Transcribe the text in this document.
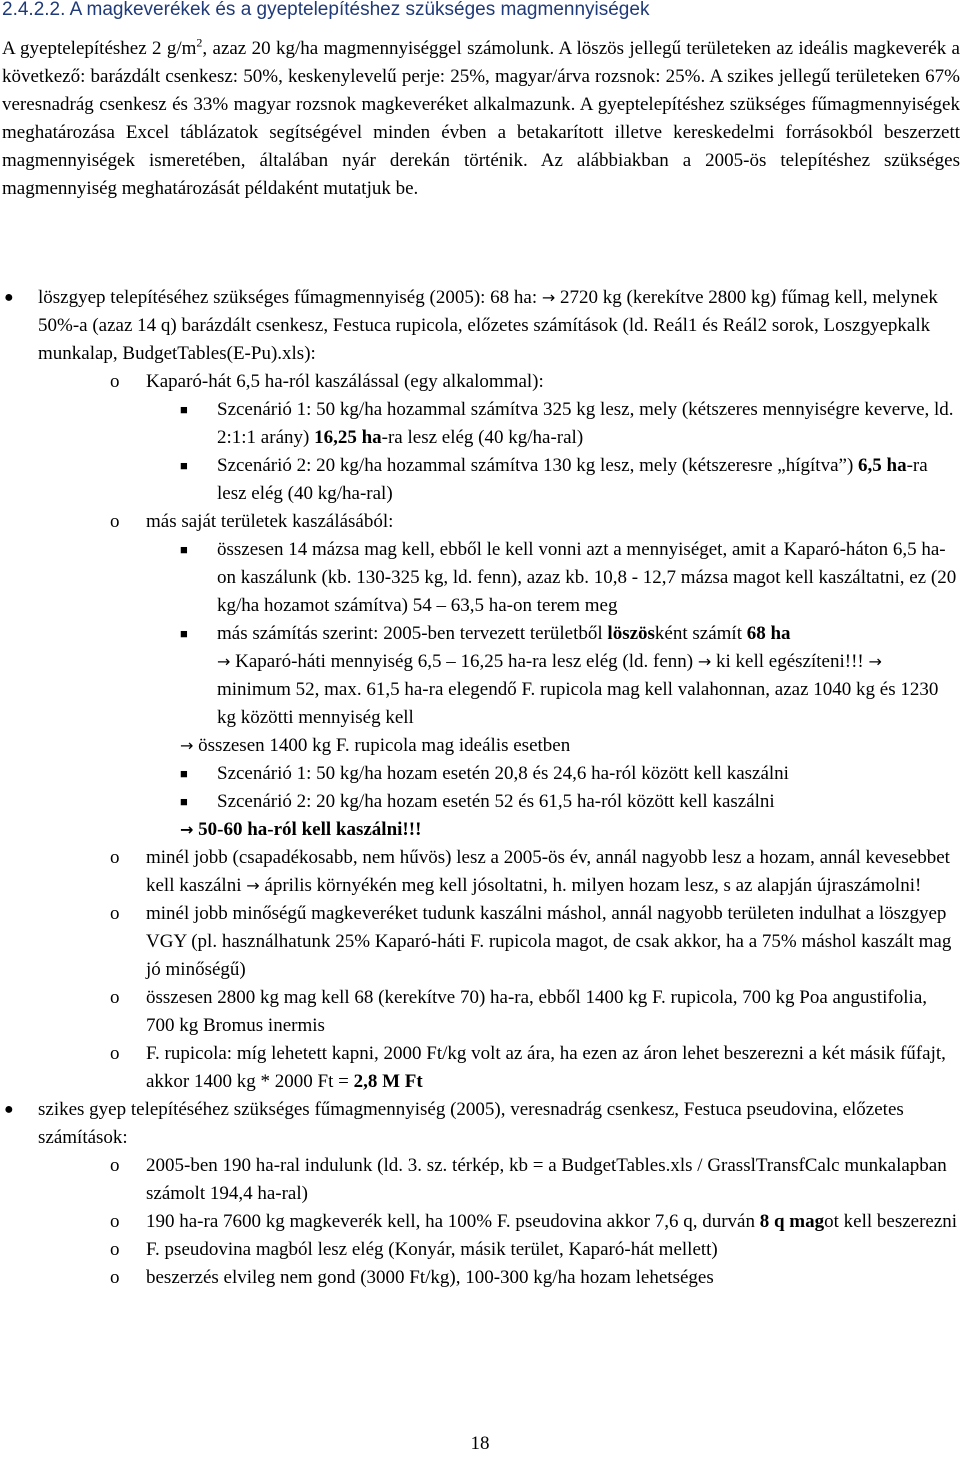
2.4.2.2. A magkeverékek és a gyeptelepítéshez szükséges magmennyiségek
A gyeptelepítéshez 2 $g/m^2$, azaz 20 kg/ha magmennyiséggel számolunk. A löszös jellegű területeken az ideális magkeverék a következő: barázdált csenkesz: 50%, keskenylevelű perje: 25%, magyar/árva rozsnok: 25%. A szikes jellegű területeken 67% veresnadrág csenkesz és 33% magyar rozsnok magkeveréket alkalmazunk. A gyeptelepítéshez szükséges fűmagmennyiségek meghatározása Excel táblázatok segítségével minden évben a betakarított illetve kereskedelmi forrásokból beszerzett magmennyiségek ismeretében, általában nyár derekán történik. Az alábbiakban a 2005-ös telepítéshez szükséges magmennyiség meghatározását példaként mutatjuk be.
● löszgyep telepítéséhez szükséges fűmagmennyiség (2005): 68 ha: → 2720 kg (kerekítve 2800 kg) fűmag kell, melynek 50%-a (azaz 14 q) barázdált csenkesz, Festuca rupicola, előzetes számítások (ld. Reál1 és Reál2 sorok, Loszgyepkalk munkalap, BudgetTables(E-Pu).xls):
o Kaparó-hát 6,5 ha-ról kaszálással (egy alkalommal):
■ Szcenárió 1: 50 kg/ha hozammal számítva 325 kg lesz, mely (kétszeres mennyiségre keverve, ld. 2:1:1 arány) 16,25 ha-ra lesz elég (40 kg/ha-ral)
■ Szcenárió 2: 20 kg/ha hozammal számítva 130 kg lesz, mely (kétszeresre „hígítva”) 6,5 ha-ra lesz elég (40 kg/ha-ral)
o más saját területek kaszálásából:
■ összesen 14 mázsa mag kell, ebből le kell vonni azt a mennyiséget, amit a Kaparó-háton 6,5 ha-on kaszálunk (kb. 130-325 kg, ld. fenn), azaz kb. 10,8 - 12,7 mázsa magot kell kaszáltatni, ez (20 kg/ha hozamot számítva) 54 – 63,5 ha-on terem meg
■ más számítás szerint: 2005-ben tervezett területből löszösként számít 68 ha
→ Kaparó-háti mennyiség 6,5 – 16,25 ha-ra lesz elég (ld. fenn) → ki kell egészíteni!!! → minimum 52, max. 61,5 ha-ra elegendő F. rupicola mag kell valahonnan, azaz 1040 kg és 1230 kg közötti mennyiség kell
→ összesen 1400 kg F. rupicola mag ideális esetben
■ Szcenárió 1: 50 kg/ha hozam esetén 20,8 és 24,6 ha-ról között kell kaszálni
■ Szcenárió 2: 20 kg/ha hozam esetén 52 és 61,5 ha-ról között kell kaszálni
→ 50-60 ha-ról kell kaszálni!!!
o minél jobb (csapadékosabb, nem hűvös) lesz a 2005-ös év, annál nagyobb lesz a hozam, annál kevesebbet kell kaszálni → április környékén meg kell jósoltatni, h. milyen hozam lesz, s az alapján újraszámolni!
o minél jobb minőségű magkeveréket tudunk kaszálni máshol, annál nagyobb területen indulhat a löszgyep VGY (pl. használhatunk 25% Kaparó-háti F. rupicola magot, de csak akkor, ha a 75% máshol kaszált mag jó minőségű)
o összesen 2800 kg mag kell 68 (kerekítve 70) ha-ra, ebből 1400 kg F. rupicola, 700 kg Poa angustifolia, 700 kg Bromus inermis
o F. rupicola: míg lehetett kapni, 2000 Ft/kg volt az ára, ha ezen az áron lehet beszerezni a két másik fűfajt, akkor 1400 kg * 2000 Ft = 2,8 M Ft
● szikes gyep telepítéséhez szükséges fűmagmennyiség (2005), veresnadrág csenkesz, Festuca pseudovina, előzetes számítások:
o 2005-ben 190 ha-ral indulunk (ld. 3. sz. térkép, kb = a BudgetTables.xls / GrasslTransfCalc munkalapban számolt 194,4 ha-ral)
o 190 ha-ra 7600 kg magkeverék kell, ha 100% F. pseudovina akkor 7,6 q, durván 8 q magot kell beszerezni
o F. pseudovina magból lesz elég (Konyár, másik terület, Kaparó-hát mellett)
o beszerzés elvileg nem gond (3000 Ft/kg), 100-300 kg/ha hozam lehetséges
18
